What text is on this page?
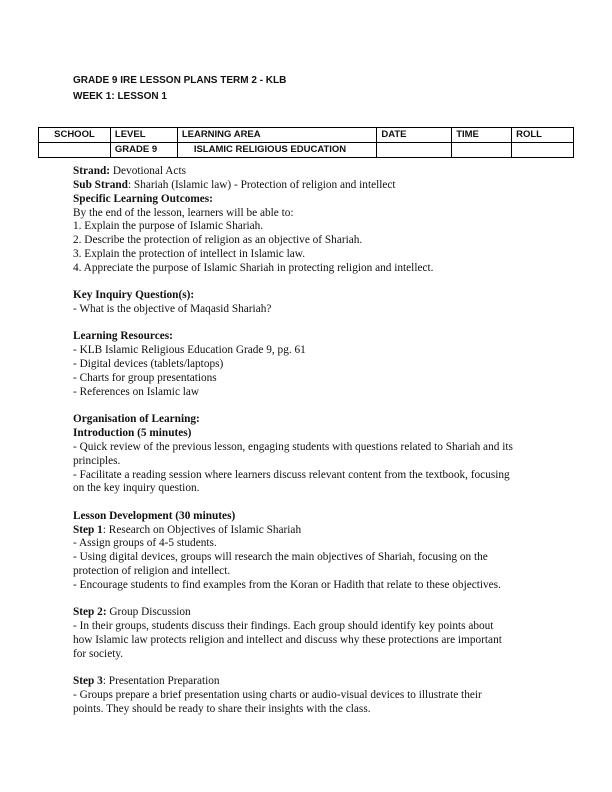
GRADE 9 IRE LESSON PLANS TERM 2 - KLB
WEEK 1: LESSON 1
SCHOOL	LEVEL	LEARNING AREA	DATE	TIME	ROLL
	GRADE 9	ISLAMIC RELIGIOUS EDUCATION			
Strand: Devotional Acts
Sub Strand: Shariah (Islamic law) - Protection of religion and intellect
Specific Learning Outcomes:
By the end of the lesson, learners will be able to:
1. Explain the purpose of Islamic Shariah.
2. Describe the protection of religion as an objective of Shariah.
3. Explain the protection of intellect in Islamic law.
4. Appreciate the purpose of Islamic Shariah in protecting religion and intellect.
Key Inquiry Question(s):
- What is the objective of Maqasid Shariah?
Learning Resources:
- KLB Islamic Religious Education Grade 9, pg. 61
- Digital devices (tablets/laptops)
- Charts for group presentations
- References on Islamic law
Organisation of Learning:
Introduction (5 minutes)
- Quick review of the previous lesson, engaging students with questions related to Shariah and its
principles.
- Facilitate a reading session where learners discuss relevant content from the textbook, focusing
on the key inquiry question.
Lesson Development (30 minutes)
Step 1: Research on Objectives of Islamic Shariah
- Assign groups of 4-5 students.
- Using digital devices, groups will research the main objectives of Shariah, focusing on the
protection of religion and intellect.
- Encourage students to find examples from the Koran or Hadith that relate to these objectives.
Step 2: Group Discussion
- In their groups, students discuss their findings. Each group should identify key points about
how Islamic law protects religion and intellect and discuss why these protections are important
for society.
Step 3: Presentation Preparation
- Groups prepare a brief presentation using charts or audio-visual devices to illustrate their
points. They should be ready to share their insights with the class.
